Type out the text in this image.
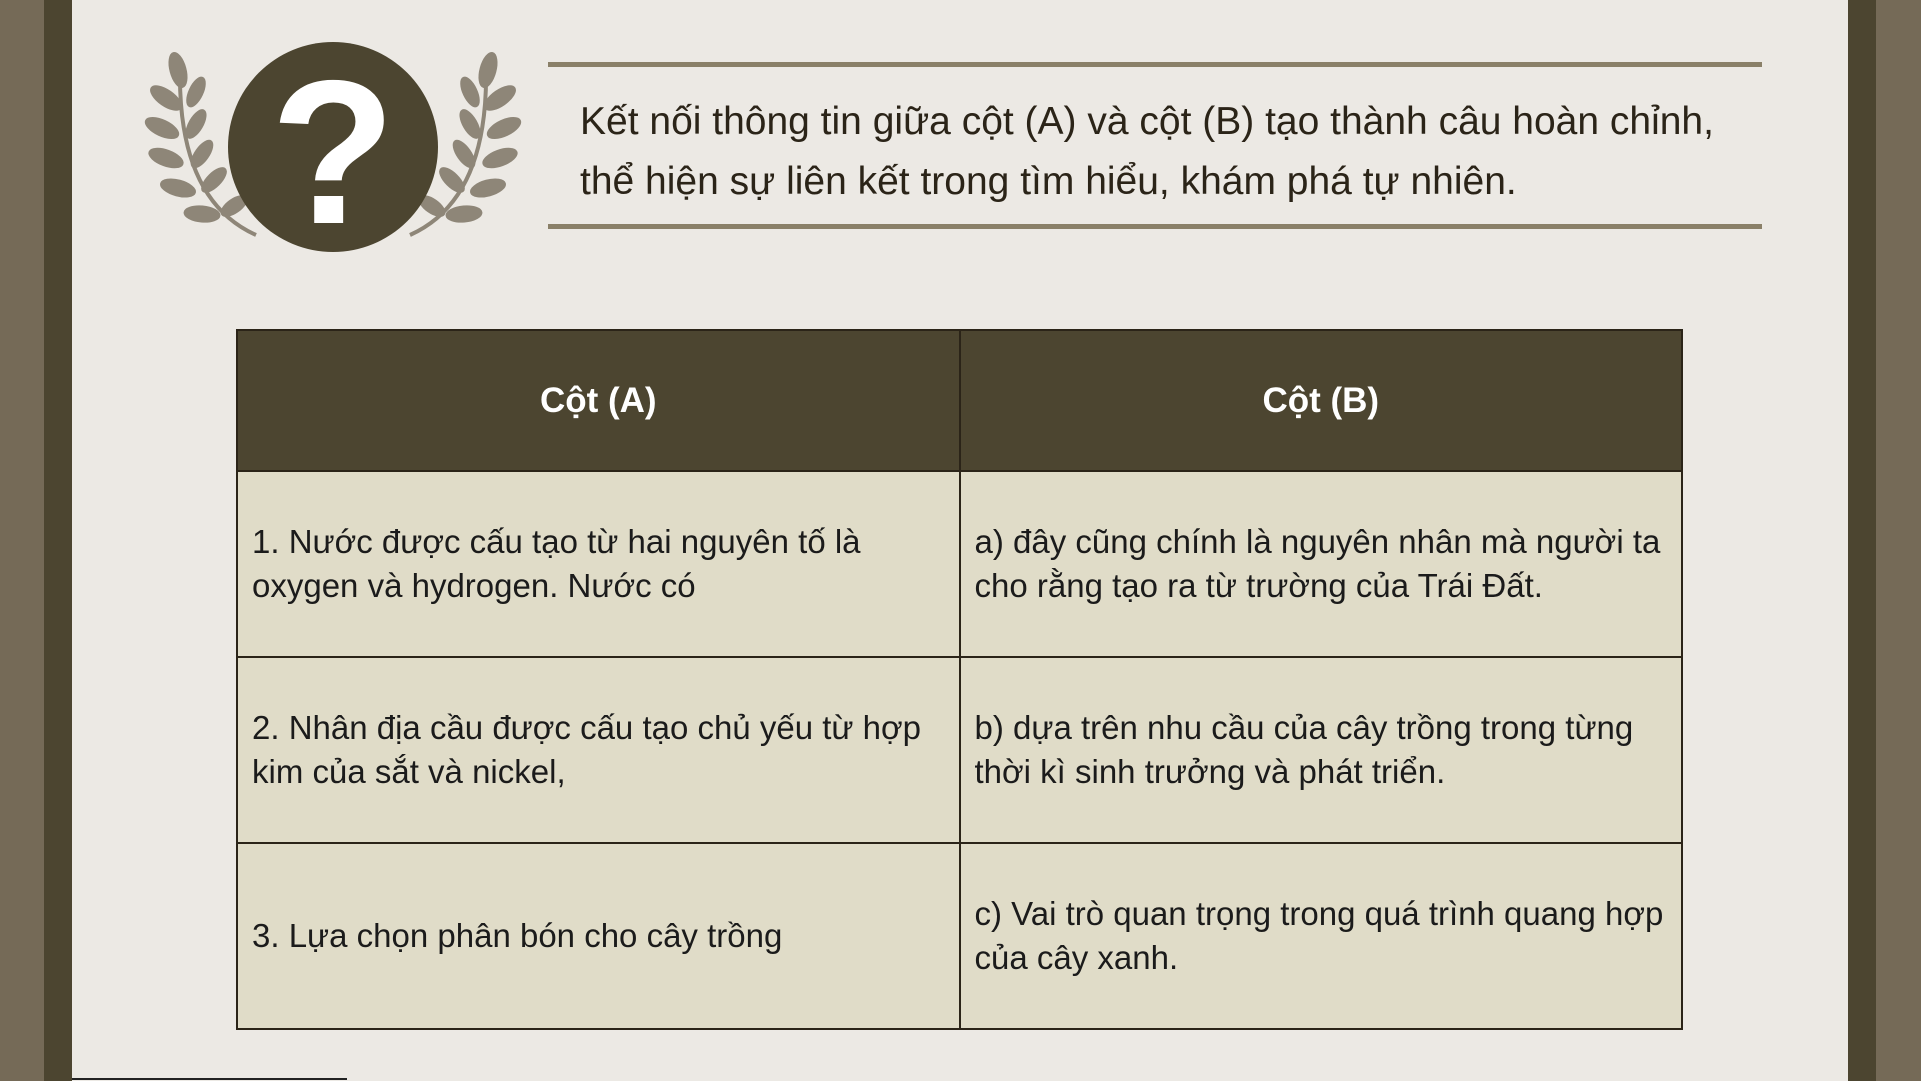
?	Kết nối thông tin giữa cột (A) và cột (B) tạo thành câu hoàn chỉnh, thể hiện sự liên kết trong tìm hiểu, khám phá tự nhiên.
Cột (A)	Cột (B)
1. Nước được cấu tạo từ hai nguyên tố là oxygen và hydrogen. Nước có	a) đây cũng chính là nguyên nhân mà người ta cho rằng tạo ra từ trường của Trái Đất.
2. Nhân địa cầu được cấu tạo chủ yếu từ hợp kim của sắt và nickel,	b) dựa trên nhu cầu của cây trồng trong từng thời kì sinh trưởng và phát triển.
3. Lựa chọn phân bón cho cây trồng	c) Vai trò quan trọng trong quá trình quang hợp của cây xanh.
